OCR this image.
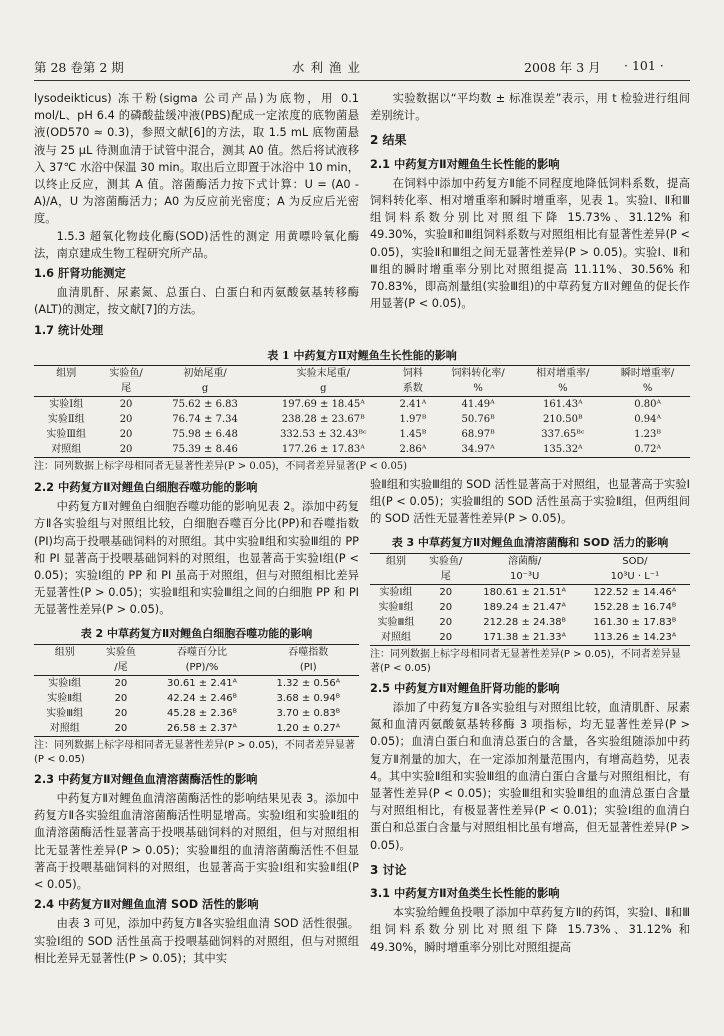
第 28 卷第 2 期	水 利 渔 业	2008 年 3 月 · 101 ·

lysodeikticus) 冻干粉(sigma 公司产品)为底物，用 0.1 mol/L、pH 6.4 的磷酸盐缓冲液(PBS)配成一定浓度的底物菌悬液(OD570 ≈ 0.3)，参照文献[6]的方法，取 1.5 mL 底物菌悬液与 25 μL 待测血清于试管中混合，测其 A0 值。然后将试液移入 37℃ 水浴中保温 30 min。取出后立即置于冰浴中 10 min，以终止反应，测其 A 值。溶菌酶活力按下式计算：U = (A0 - A)/A，U 为溶菌酶活力；A0 为反应前光密度；A 为反应后光密度。

1.5.3 超氧化物歧化酶(SOD)活性的测定 用黄嘌呤氧化酶法，南京建成生物工程研究所产品。

1.6 肝肾功能测定

血清肌酐、尿素氮、总蛋白、白蛋白和丙氨酸氨基转移酶(ALT)的测定，按文献[7]的方法。

1.7 统计处理

实验数据以“平均数 ± 标准误差”表示，用 t 检验进行组间差别统计。

2 结果

2.1 中药复方Ⅱ对鲤鱼生长性能的影响

在饲料中添加中药复方Ⅱ能不同程度地降低饲料系数，提高饲料转化率、相对增重率和瞬时增重率，见表 1。实验Ⅰ、Ⅱ和Ⅲ组饲料系数分别比对照组下降 15.73%、31.12% 和 49.30%，实验Ⅱ和Ⅲ组饲料系数与对照组相比有显著性差异(P < 0.05)，实验Ⅱ和Ⅲ组之间无显著性差异(P > 0.05)。实验Ⅰ、Ⅱ和Ⅲ组的瞬时增重率分别比对照组提高 11.11%、30.56% 和 70.83%，即高剂量组(实验Ⅲ组)的中草药复方Ⅱ对鲤鱼的促长作用显著(P < 0.05)。

表 1 中药复方Ⅱ对鲤鱼生长性能的影响
组别	实验鱼/	初始尾重/	实验末尾重/	饲料	饲料转化率/	相对增重率/	瞬时增重率/
	尾	g	g	系数	%	%	%
实验Ⅰ组	20	75.62 ± 6.83	197.69 ± 18.45ᴬ	2.41ᴬ	41.49ᴬ	161.43ᴬ	0.80ᴬ
实验Ⅱ组	20	76.74 ± 7.34	238.28 ± 23.67ᴮ	1.97ᴮ	50.76ᴮ	210.50ᴮ	0.94ᴬ
实验Ⅲ组	20	75.98 ± 6.48	332.53 ± 32.43ᴮᶜ	1.45ᴮ	68.97ᴮ	337.65ᴮᶜ	1.23ᴮ
对照组	20	75.39 ± 8.46	177.26 ± 17.83ᴬ	2.86ᴬ	34.97ᴬ	135.32ᴬ	0.72ᴬ
注：同列数据上标字母相同者无显著性差异(P > 0.05)，不同者差异显著(P < 0.05)

2.2 中药复方Ⅱ对鲤鱼白细胞吞噬功能的影响

中药复方Ⅱ对鲤鱼白细胞吞噬功能的影响见表 2。添加中药复方Ⅱ各实验组与对照组比较，白细胞吞噬百分比(PP)和吞噬指数(PI)均高于投喂基础饲料的对照组。其中实验Ⅱ组和实验Ⅲ组的 PP 和 PI 显著高于投喂基础饲料的对照组，也显著高于实验Ⅰ组(P < 0.05)；实验Ⅰ组的 PP 和 PI 虽高于对照组，但与对照组相比差异无显著性(P > 0.05)；实验Ⅱ组和实验Ⅲ组之间的白细胞 PP 和 PI 无显著性差异(P > 0.05)。

表 2 中草药复方Ⅱ对鲤鱼白细胞吞噬功能的影响
组别	实验鱼	吞噬百分比	吞噬指数
	/尾	(PP)/%	(PI)
实验Ⅰ组	20	30.61 ± 2.41ᴬ	1.32 ± 0.56ᴬ
实验Ⅱ组	20	42.24 ± 2.46ᴮ	3.68 ± 0.94ᴮ
实验Ⅲ组	20	45.28 ± 2.36ᴮ	3.70 ± 0.83ᴮ
对照组	20	26.58 ± 2.37ᴬ	1.20 ± 0.27ᴬ
注：同列数据上标字母相同者无显著性差异(P > 0.05)，不同者差异显著(P < 0.05)

2.3 中药复方Ⅱ对鲤鱼血清溶菌酶活性的影响

中药复方Ⅱ对鲤鱼血清溶菌酶活性的影响结果见表 3。添加中药复方Ⅱ各实验组血清溶菌酶活性明显增高。实验Ⅰ组和实验Ⅱ组的血清溶菌酶活性显著高于投喂基础饲料的对照组，但与对照组相比无显著性差异(P > 0.05)；实验Ⅲ组的血清溶菌酶活性不但显著高于投喂基础饲料的对照组，也显著高于实验Ⅰ组和实验Ⅱ组(P < 0.05)。

2.4 中药复方Ⅱ对鲤鱼血清 SOD 活性的影响

由表 3 可见，添加中药复方Ⅱ各实验组血清 SOD 活性很强。实验Ⅰ组的 SOD 活性虽高于投喂基础饲料的对照组，但与对照组相比差异无显著性(P > 0.05)；其中实

验Ⅱ组和实验Ⅲ组的 SOD 活性显著高于对照组，也显著高于实验Ⅰ组(P < 0.05)；实验Ⅲ组的 SOD 活性虽高于实验Ⅱ组，但两组间的 SOD 活性无显著性差异(P > 0.05)。

表 3 中草药复方Ⅱ对鲤鱼血清溶菌酶和 SOD 活力的影响
组别	实验鱼/	溶菌酶/	SOD/
	尾	10⁻³U	10³U · L⁻¹
实验Ⅰ组	20	180.61 ± 21.51ᴬ	122.52 ± 14.46ᴬ
实验Ⅱ组	20	189.24 ± 21.47ᴬ	152.28 ± 16.74ᴮ
实验Ⅲ组	20	212.28 ± 24.38ᴮ	161.30 ± 17.83ᴮ
对照组	20	171.38 ± 21.33ᴬ	113.26 ± 14.23ᴬ
注：同列数据上标字母相同者无显著性差异(P > 0.05)，不同者差异显著(P < 0.05)

2.5 中药复方Ⅱ对鲤鱼肝肾功能的影响

添加了中药复方Ⅱ各实验组与对照组比较，血清肌酐、尿素氮和血清丙氨酸氨基转移酶 3 项指标，均无显著性差异(P > 0.05)；血清白蛋白和血清总蛋白的含量，各实验组随添加中药复方Ⅱ剂量的加大，在一定添加剂量范围内，有增高趋势，见表 4。其中实验Ⅱ组和实验Ⅲ组的血清白蛋白含量与对照组相比，有显著性差异(P < 0.05)；实验Ⅲ组和实验Ⅲ组的血清总蛋白含量与对照组相比，有极显著性差异(P < 0.01)；实验Ⅰ组的血清白蛋白和总蛋白含量与对照组相比虽有增高，但无显著性差异(P > 0.05)。

3 讨论

3.1 中药复方Ⅱ对鱼类生长性能的影响

本实验给鲤鱼投喂了添加中草药复方Ⅱ的药饵，实验Ⅰ、Ⅱ和Ⅲ组饲料系数分别比对照组下降 15.73%、31.12% 和 49.30%，瞬时增重率分别比对照组提高
